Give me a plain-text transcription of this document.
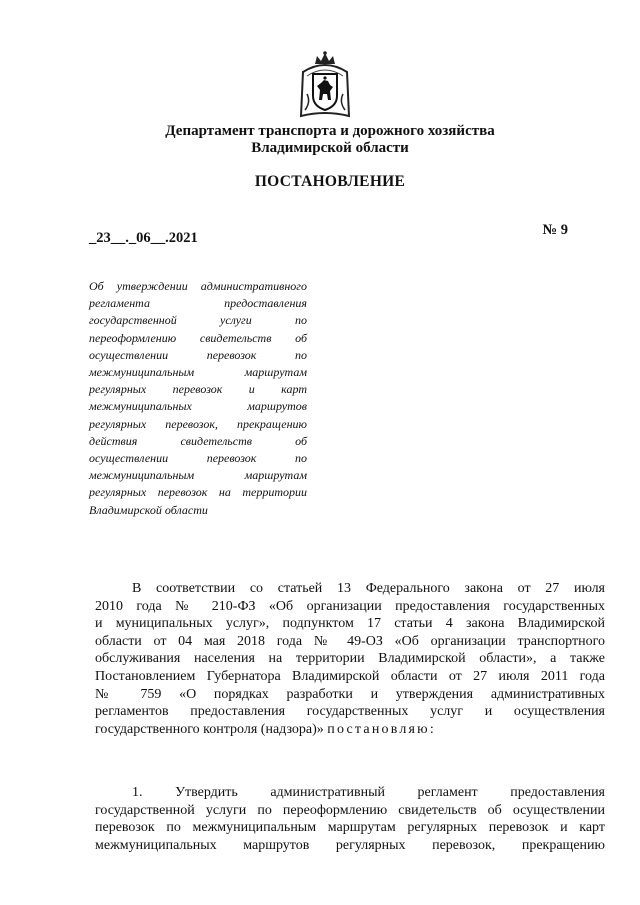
Департамент транспорта и дорожного хозяйства
Владимирской области
ПОСТАНОВЛЕНИЕ
_23__._06__.2021	№ 9
Об утверждении административного
регламента предоставления
государственной услуги по
переоформлению свидетельств об
осуществлении перевозок по
межмуниципальным маршрутам
регулярных перевозок и карт
межмуниципальных маршрутов
регулярных перевозок, прекращению
действия свидетельств об
осуществлении перевозок по
межмуниципальным маршрутам
регулярных перевозок на территории
Владимирской области
В соответствии со статьей 13 Федерального закона от 27 июля
2010 года № 210-ФЗ «Об организации предоставления государственных
и муниципальных услуг», подпунктом 17 статьи 4 закона Владимирской
области от 04 мая 2018 года № 49-ОЗ «Об организации транспортного
обслуживания населения на территории Владимирской области», а также
Постановлением Губернатора Владимирской области от 27 июля 2011 года
№ 759 «О порядках разработки и утверждения административных
регламентов предоставления государственных услуг и осуществления
государственного контроля (надзора)» постановляю:
1. Утвердить административный регламент предоставления
государственной услуги по переоформлению свидетельств об осуществлении
перевозок по межмуниципальным маршрутам регулярных перевозок и карт
межмуниципальных маршрутов регулярных перевозок, прекращению
